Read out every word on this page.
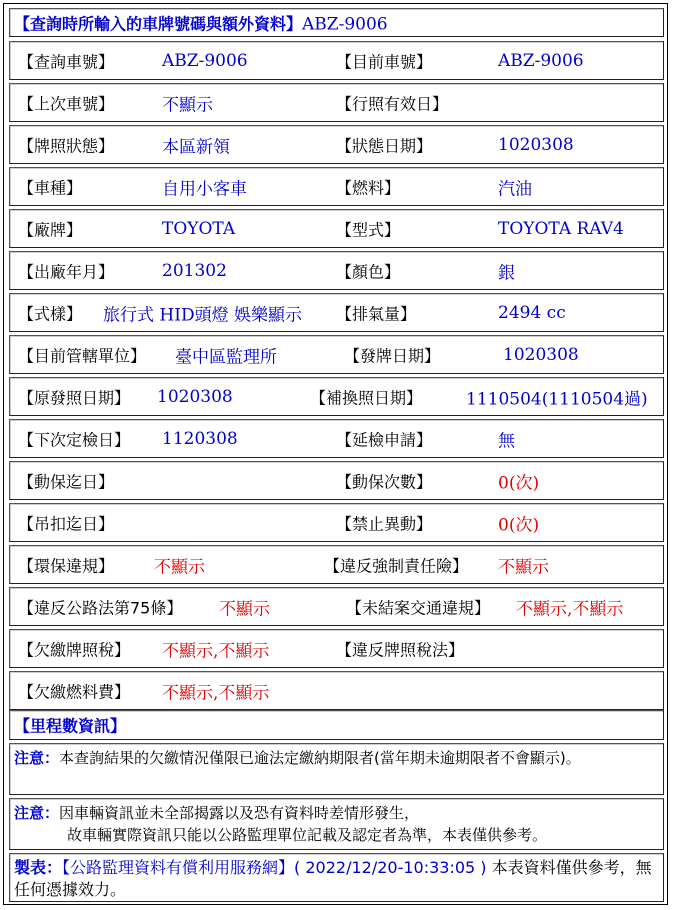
【查詢時所輸入的車牌號碼與額外資料】ABZ-9006
【查詢車號】	ABZ-9006	【目前車號】	ABZ-9006
【上次車號】	不顯示	【行照有效日】
【牌照狀態】	本區新領	【狀態日期】	1020308
【車種】	自用小客車	【燃料】	汽油
【廠牌】	TOYOTA	【型式】	TOYOTA RAV4
【出廠年月】	201302	【顏色】	銀
【式樣】 旅行式 HID頭燈 娛樂顯示 【排氣量】	2494 cc
【目前管轄單位】 臺中區監理所	【發牌日期】	1020308
【原發照日期】 1020308	【補換照日期】	1110504(1110504過)
【下次定檢日】 1120308	【延檢申請】	無
【動保迄日】	【動保次數】	0(次)
【吊扣迄日】	【禁止異動】	0(次)
【環保違規】 不顯示	【違反強制責任險】 不顯示
【違反公路法第75條】 不顯示	【未結案交通違規】 不顯示,不顯示
【欠繳牌照稅】 不顯示,不顯示	【違反牌照稅法】
【欠繳燃料費】 不顯示,不顯示
【里程數資訊】
注意：本查詢結果的欠繳情況僅限已逾法定繳納期限者(當年期未逾期限者不會顯示)。
注意：因車輛資訊並未全部揭露以及恐有資料時差情形發生，
故車輛實際資訊只能以公路監理單位記載及認定者為準，本表僅供參考。
製表：【公路監理資料有償利用服務網】( 2022/12/20-10:33:05 ) 本表資料僅供參考，無任何憑據效力。
